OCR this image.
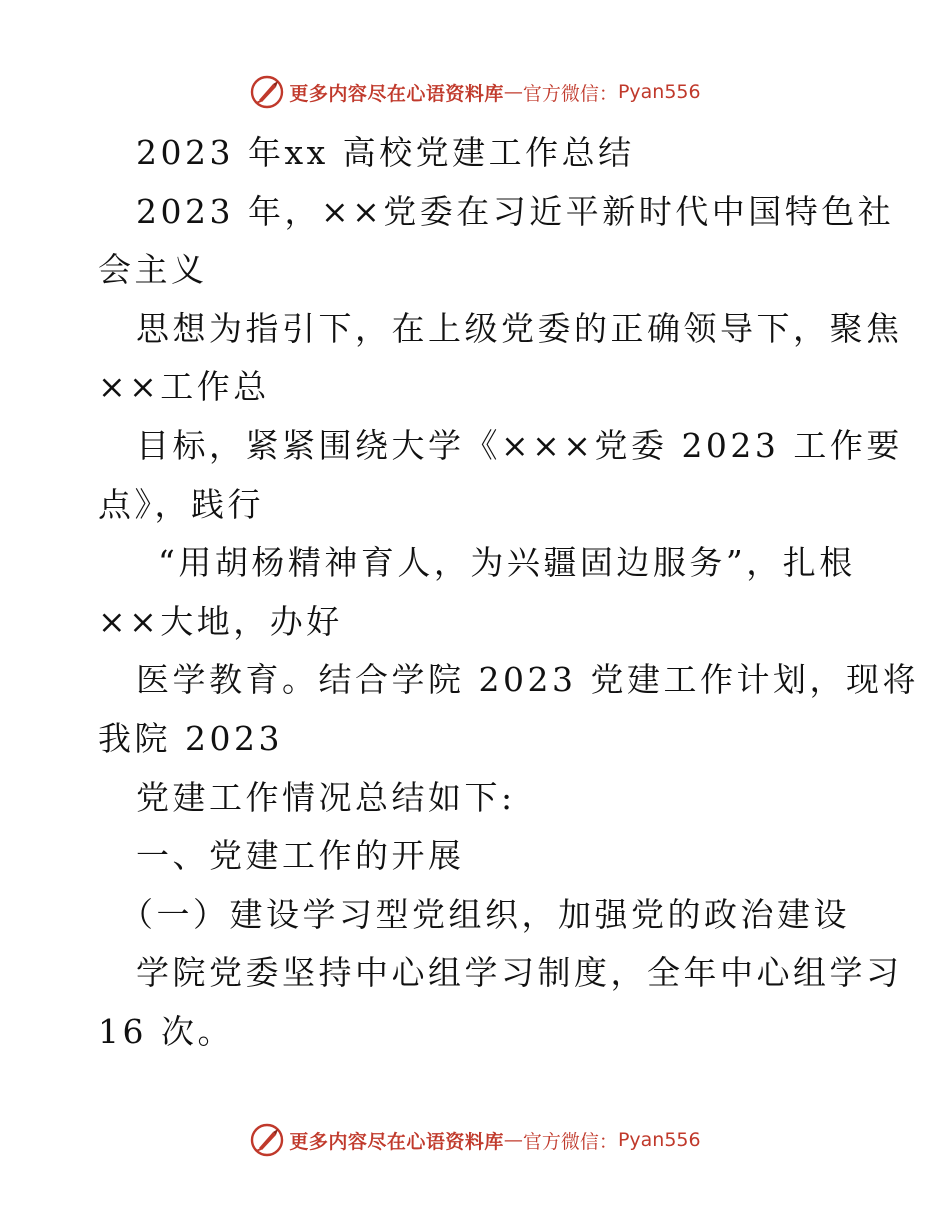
更多内容尽在心语资料库 — 官方微信： Pyan556
2023 年xx 高校党建工作总结
2023 年，××党委在习近平新时代中国特色社
会主义
思想为指引下，在上级党委的正确领导下，聚焦
××工作总
目标，紧紧围绕大学《×××党委 2023 工作要
点》，践行
“用胡杨精神育人，为兴疆固边服务”，扎根
××大地，办好
医学教育。结合学院 2023 党建工作计划，现将
我院 2023
党建工作情况总结如下:
一、党建工作的开展
（一）建设学习型党组织，加强党的政治建设
学院党委坚持中心组学习制度，全年中心组学习
16 次。
更多内容尽在心语资料库 — 官方微信： Pyan556
